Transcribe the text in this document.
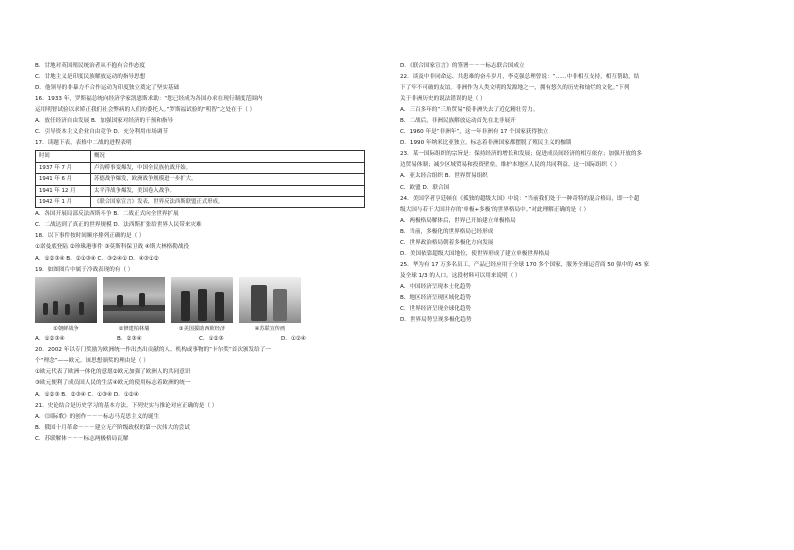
B．甘地对英国殖民统治者从不抱有合作态度
C．甘地主义是印度民族解放运动的指导思想
D．他领导的非暴力不合作运动为印度独立奠定了坚实基础
16．1933 年，罗斯福总统向经济学家凯恩斯求助：“您已经成为各国办求在现行制度范围内
运用明智试验以求矫正我们社会弊病的人们的委托人。”罗斯福试验的“明智”之处在于（ ）
A．放任经济自由发展 B．加强国家对经济的干预和指导
C．引导资本主义企业自由竞争 D．充分利用市场调节
17．读题下表，表格中二战的进程表明
时间	概况
1937 年 7 月	卢沟桥事变爆发，中国全民族抗战开始。
1941 年 6 月	苏德战争爆发，欧洲战争规模进一步扩大。
1941 年 12 月	太平洋战争爆发，美国卷入战争。
1942 年 1 月	《联合国家宣言》发表，世界反法西斯联盟正式形成。
A．各国开展局部反法西斯斗争 B．二战正式向全世界扩展
C．二战达到了真正的世界规模 D．法西斯扩张给世界人民带来灾难
18．以下事件按时间顺序排列正确的是（ ）
①诺曼底登陆 ②珍珠港事件 ③莫斯科保卫战 ④斯大林格勒战役
A．①②③④ B．②①③④ C．③②④① D．④③①②
19．如图图片中属于冷战表现的有（ ）
①朝鲜战争	②修建柏林墙	③美国援助西欧经济	④苏联宣传画
A．①②③④	B．②③④	C．①②③	D．①②④
20．2002 年以专门奖励为欧洲统一作出杰出贡献的人、机构或事物的“卡尔奖”首次颁发给了一
个“理念”——欧元。该思想颁奖的理由是（ ）
①欧元代表了欧洲一体化的意愿②欧元加强了欧洲人的共同意识
③欧元便利了成员国人民的生活④欧元的使用标志着欧洲的统一
A．①②③ B．②③④ C．①③④ D．①②④
21．史论结合是历史学习的基本方法。下列史实与推论对应正确的是（ ）
A．《国际歌》的创作－－－标志马克思主义的诞生
B．俄国十月革命－－－建立无产阶级政权的第一次伟大的尝试
C．苏联解体－－－标志两极格局瓦解
D．《联合国家宣言》的签署－－－标志联合国成立
22．谈及中非同命运、共患难的奋斗岁月，李克强总理曾说：“……中非相互支持，相互帮助，结
下了牢不可破的友谊。非洲作为人类文明的发源地之一，拥有悠久的历史和灿烂的文化。”下列
关于非洲历史的说法错误的是（ ）
A．三百多年的“三角贸易”使非洲失去了近亿精壮劳力。
B．二战后，非洲民族解放运动首先在北非展开
C．1960 年是“非洲年”，这一年非洲有 17 个国家获得独立
D．1990 年纳米比亚独立，标志着非洲国家都摆脱了殖民主义的枷锁
23．某一国际组织的宗旨是：保持经济的增长和发展；促进成员间经济的相互依存；加强开放的多
边贸易体制；减少区域贸易和投资壁垒，维护本地区人民的共同利益。这一国际组织（ ）
A．亚太经合组织 B．世界贸易组织
C．欧盟 D．联合国
24．美国学者亨廷顿在《孤独的超级大国》中说：“当前我们处于一种奇特的混合格局，即一个超
级大国与若干大国并存的‘单极+多极’的世界格局中。”对此理解正确的是（ ）
A．两极格局解体后，世界已开始建立单极格局
B．当前，多极化的世界格局已经形成
C．世界政治格局朝着多极化方向发展
D．美国依靠超级大国地位，使世界形成了建立单极世界格局
25．华为有 17 万多名员工，产品已经应用于全球 170 多个国家，服务全球运营商 50 强中的 45 家
及全球 1/3 的人口。这段材料可以用来说明（ ）
A．中国经济呈现本土化趋势
B．地区经济呈现区域化趋势
C．世界经济呈现全球化趋势
D．世界局势呈现多极化趋势
